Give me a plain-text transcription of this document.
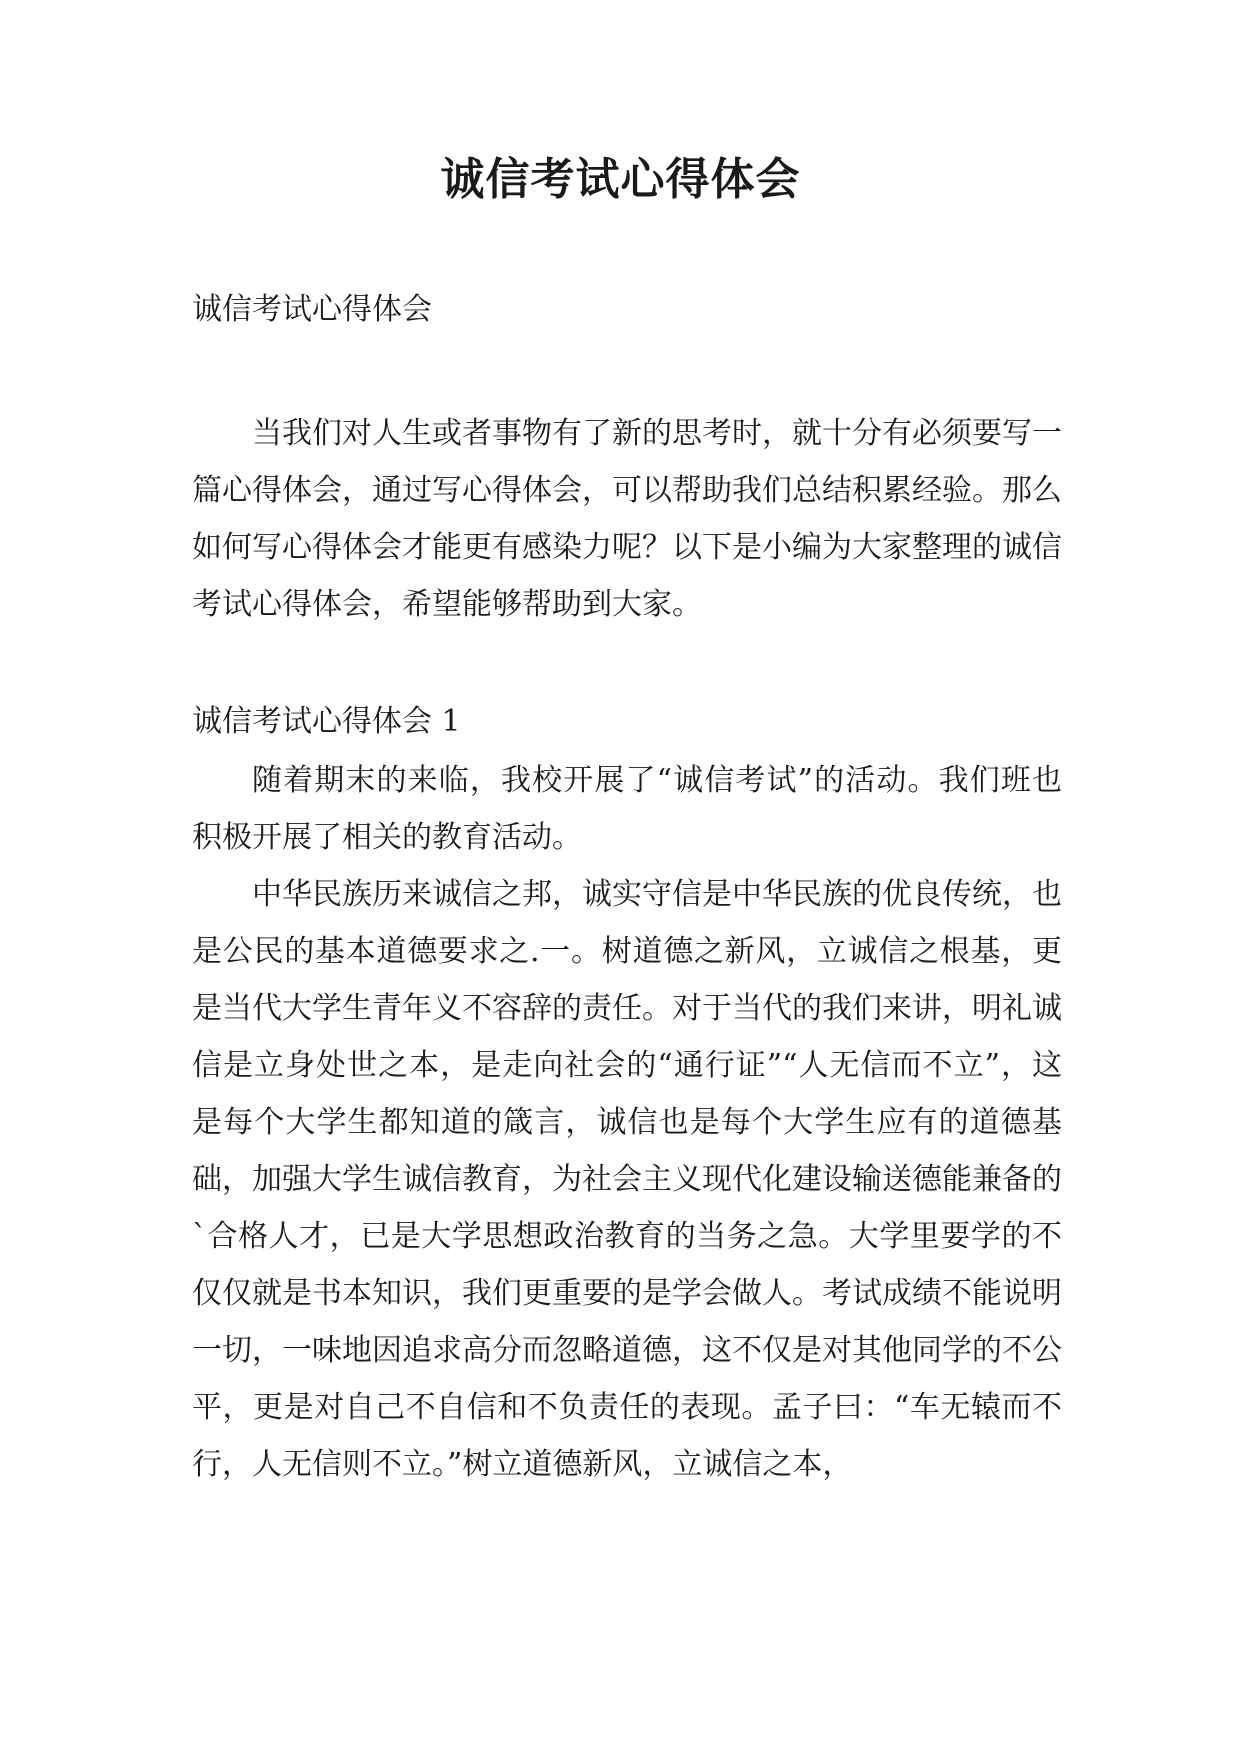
诚信考试心得体会

诚信考试心得体会

当我们对人生或者事物有了新的思考时，就十分有必须要写一篇心得体会，通过写心得体会，可以帮助我们总结积累经验。那么如何写心得体会才能更有感染力呢？以下是小编为大家整理的诚信考试心得体会，希望能够帮助到大家。

诚信考试心得体会 1

随着期末的来临，我校开展了“诚信考试”的活动。我们班也积极开展了相关的教育活动。

中华民族历来诚信之邦，诚实守信是中华民族的优良传统，也是公民的基本道德要求之.一。树道德之新风，立诚信之根基，更是当代大学生青年义不容辞的责任。对于当代的我们来讲，明礼诚信是立身处世之本，是走向社会的“通行证”“人无信而不立”，这是每个大学生都知道的箴言，诚信也是每个大学生应有的道德基础，加强大学生诚信教育，为社会主义现代化建设输送德能兼备的`合格人才，已是大学思想政治教育的当务之急。大学里要学的不仅仅就是书本知识，我们更重要的是学会做人。考试成绩不能说明一切，一味地因追求高分而忽略道德，这不仅是对其他同学的不公平，更是对自己不自信和不负责任的表现。孟子曰：“车无辕而不行，人无信则不立。”树立道德新风，立诚信之本，
